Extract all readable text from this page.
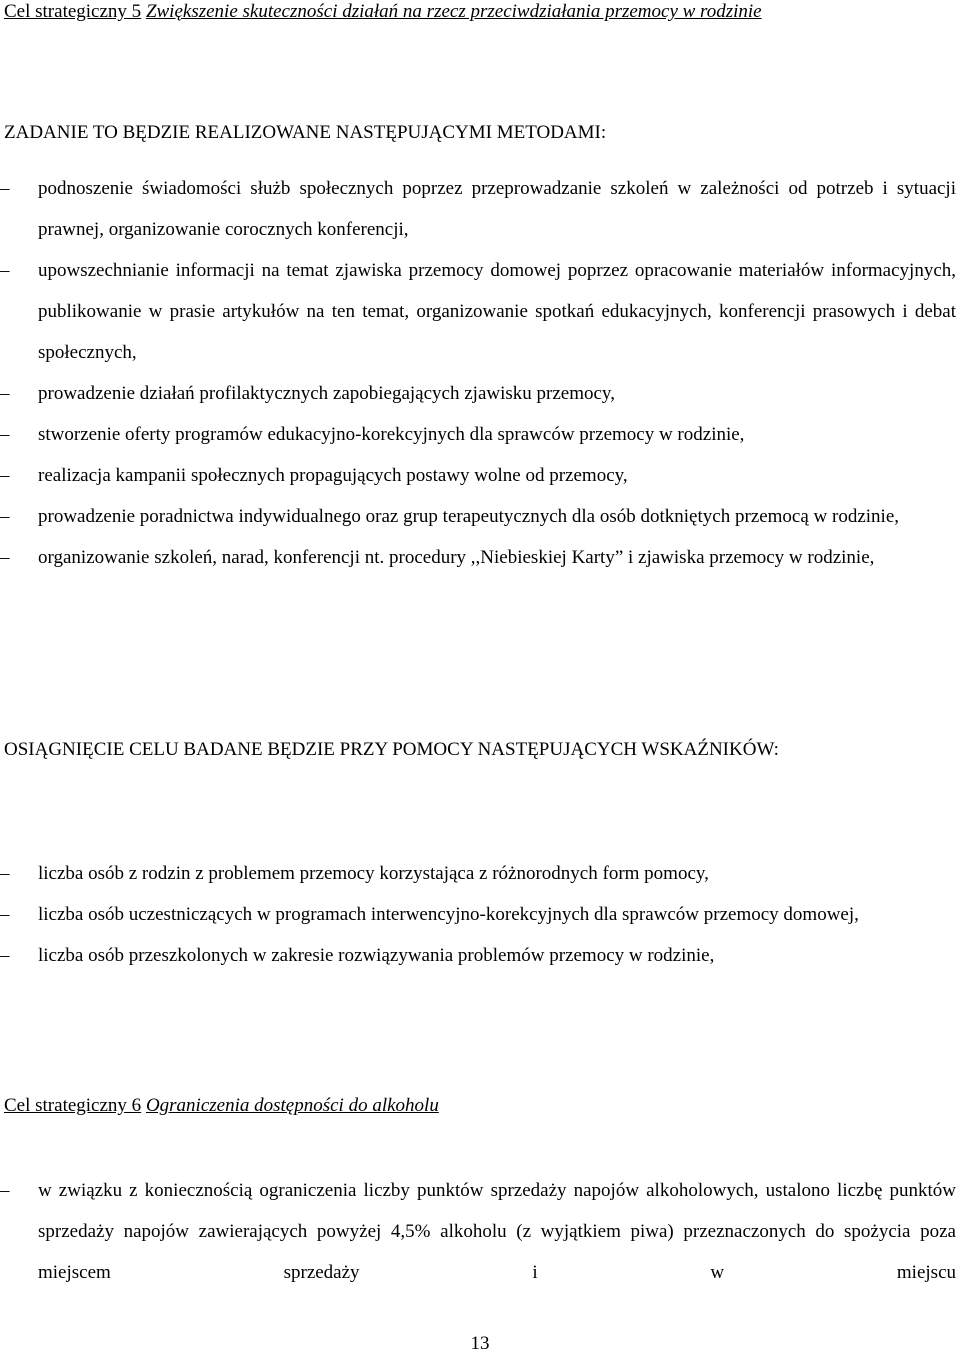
Cel strategiczny 5 Zwiększenie skuteczności działań na rzecz przeciwdziałania przemocy w rodzinie
ZADANIE TO BĘDZIE REALIZOWANE NASTĘPUJĄCYMI METODAMI:
–	podnoszenie świadomości służb społecznych poprzez przeprowadzanie szkoleń w zależności od potrzeb i sytuacji prawnej, organizowanie corocznych konferencji,
–	upowszechnianie informacji na temat zjawiska przemocy domowej poprzez opracowanie materiałów informacyjnych, publikowanie w prasie artykułów na ten temat, organizowanie spotkań edukacyjnych, konferencji prasowych i debat społecznych,
–	prowadzenie działań profilaktycznych zapobiegających zjawisku przemocy,
–	stworzenie oferty programów edukacyjno-korekcyjnych dla sprawców przemocy w rodzinie,
–	realizacja kampanii społecznych propagujących postawy wolne od przemocy,
–	prowadzenie poradnictwa indywidualnego oraz grup terapeutycznych dla osób dotkniętych przemocą w rodzinie,
–	organizowanie szkoleń, narad, konferencji nt. procedury ,,Niebieskiej Karty” i zjawiska przemocy w rodzinie,
OSIĄGNIĘCIE CELU BADANE BĘDZIE PRZY POMOCY NASTĘPUJĄCYCH WSKAŹNIKÓW:
–	liczba osób z rodzin z problemem przemocy korzystająca z różnorodnych form pomocy,
–	liczba osób uczestniczących w programach interwencyjno-korekcyjnych dla sprawców przemocy domowej,
–	liczba osób przeszkolonych w zakresie rozwiązywania problemów przemocy w rodzinie,
Cel strategiczny 6 Ograniczenia dostępności do alkoholu
–	w związku z koniecznością ograniczenia liczby punktów sprzedaży napojów alkoholowych, ustalono liczbę punktów sprzedaży napojów zawierających powyżej 4,5% alkoholu (z wyjątkiem piwa) przeznaczonych do spożycia poza miejscem sprzedaży i w miejscu
13
